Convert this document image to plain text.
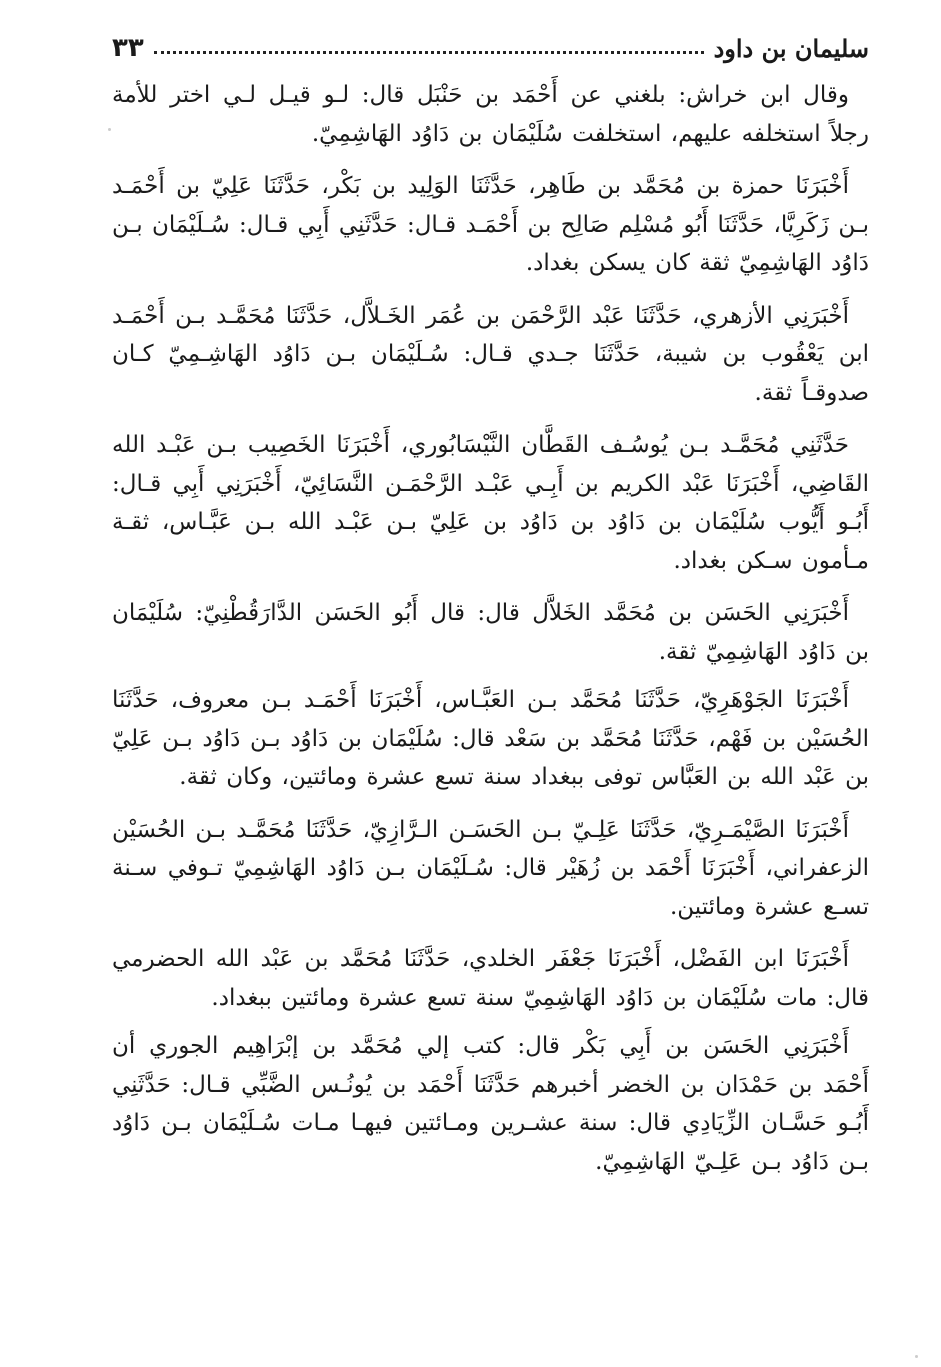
سليمان بن داود
٣٣

وقال ابن خراش: بلغني عن أَحْمَد بن حَنْبَل قال: لـو قيـل لـي اختر للأمة رجلاً استخلفه عليهم، استخلفت سُلَيْمَان بن دَاوُد الهَاشِمِيّ.

أَخْبَرَنَا حمزة بن مُحَمَّد بن طَاهِر، حَدَّثَنَا الوَلِيد بن بَكْر، حَدَّثَنَا عَلِيّ بن أَحْمَـد بـن زَكَرِيَّا، حَدَّثَنَا أَبُو مُسْلِم صَالِح بن أَحْمَـد قـال: حَدَّثَنِي أَبِي قـال: سُـلَيْمَان بـن دَاوُد الهَاشِمِيّ ثقة كان يسكن بغداد.

أَخْبَرَنِي الأزهري، حَدَّثَنَا عَبْد الرَّحْمَن بن عُمَر الخَـلاَّل، حَدَّثَنَا مُحَمَّـد بـن أَحْمَـد ابن يَعْقُوب بن شيبة، حَدَّثَنَا جـدي قـال: سُـلَيْمَان بـن دَاوُد الهَاشِـمِيّ كـان صدوقـاً ثقة.

حَدَّثَنِي مُحَمَّـد بـن يُوسُـف القَطَّان النَّيْسَابُوري، أَخْبَرَنَا الخَصِيب بـن عَبْـد الله القَاضِي، أَخْبَرَنَا عَبْد الكريم بن أَبِـي عَبْـد الرَّحْمَـن النَّسَائِيّ، أَخْبَرَنِي أَبِي قـال: أَبُـو أَيُّوب سُلَيْمَان بن دَاوُد بن دَاوُد بن عَلِيّ بـن عَبْـد الله بـن عَبَّـاس، ثقـة مـأمون سـكن بغداد.

أَخْبَرَنِي الحَسَن بن مُحَمَّد الخَلاَّل قال: قال أَبُو الحَسَن الدَّارَقُطْنِيّ: سُلَيْمَان بن دَاوُد الهَاشِمِيّ ثقة.

أَخْبَرَنَا الجَوْهَرِيّ، حَدَّثَنَا مُحَمَّد بـن العَبَّـاس، أَخْبَرَنَا أَحْمَـد بـن معروف، حَدَّثَنَا الحُسَيْن بن فَهْم، حَدَّثَنَا مُحَمَّد بن سَعْد قال: سُلَيْمَان بن دَاوُد بـن دَاوُد بـن عَلِيّ بن عَبْد الله بن العَبَّاس توفى ببغداد سنة تسع عشرة ومائتين، وكان ثقة.

أَخْبَرَنَا الصَّيْمَـرِيّ، حَدَّثَنَا عَلِـيّ بـن الحَسَـن الـرَّازِيّ، حَدَّثَنَا مُحَمَّـد بـن الحُسَيْن الزعفراني، أَخْبَرَنَا أَحْمَد بن زُهَيْر قال: سُـلَيْمَان بـن دَاوُد الهَاشِمِيّ تـوفي سـنة تسـع عشرة ومائتين.

أَخْبَرَنَا ابن الفَضْل، أَخْبَرَنَا جَعْفَر الخلدي، حَدَّثَنَا مُحَمَّد بن عَبْد الله الحضرمي قال: مات سُلَيْمَان بن دَاوُد الهَاشِمِيّ سنة تسع عشرة ومائتين ببغداد.

أَخْبَرَنِي الحَسَن بن أَبِي بَكْر قال: كتب إلي مُحَمَّد بن إبْرَاهِيم الجوري أن أَحْمَد بن حَمْدَان بن الخضر أخبرهم حَدَّثَنَا أَحْمَد بن يُونُـس الضَّبِّي قـال: حَدَّثَنِي أَبُـو حَسَّـان الزِّيَادِي قال: سنة عشـرين ومـائتين فيهـا مـات سُـلَيْمَان بـن دَاوُد بـن دَاوُد بـن عَلِـيّ الهَاشِمِيّ.
